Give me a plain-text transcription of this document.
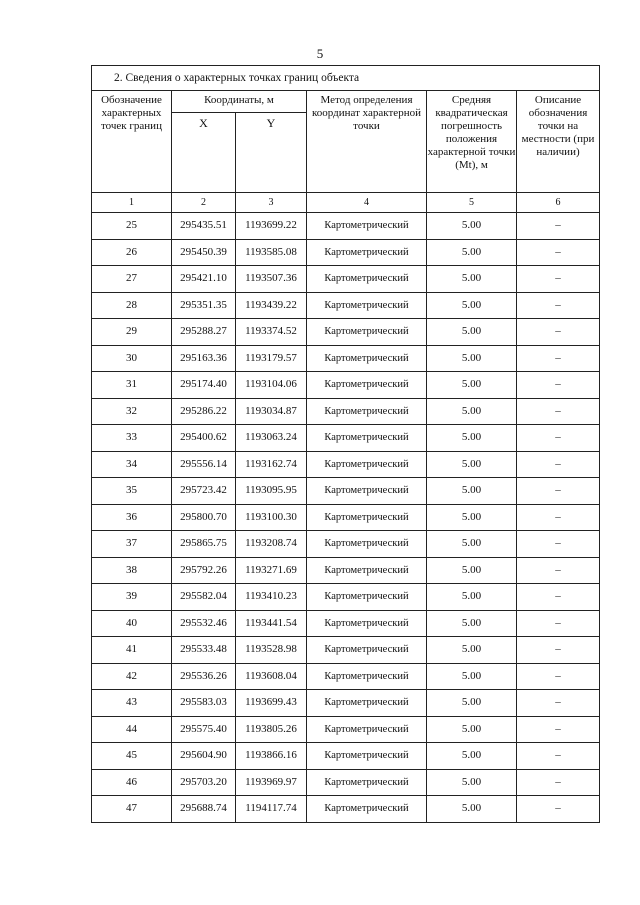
5
2. Сведения о характерных точках границ объекта					
Обозначение характерных точек границ	Координаты, м		Метод определения координат характерной точки	Средняя квадратическая погрешность положения характерной точки (Mt), м	Описание обозначения точки на местности (при наличии)
	X	Y			
1	2	3	4	5	6
25	295435.51	1193699.22	Картометрический	5.00	–
26	295450.39	1193585.08	Картометрический	5.00	–
27	295421.10	1193507.36	Картометрический	5.00	–
28	295351.35	1193439.22	Картометрический	5.00	–
29	295288.27	1193374.52	Картометрический	5.00	–
30	295163.36	1193179.57	Картометрический	5.00	–
31	295174.40	1193104.06	Картометрический	5.00	–
32	295286.22	1193034.87	Картометрический	5.00	–
33	295400.62	1193063.24	Картометрический	5.00	–
34	295556.14	1193162.74	Картометрический	5.00	–
35	295723.42	1193095.95	Картометрический	5.00	–
36	295800.70	1193100.30	Картометрический	5.00	–
37	295865.75	1193208.74	Картометрический	5.00	–
38	295792.26	1193271.69	Картометрический	5.00	–
39	295582.04	1193410.23	Картометрический	5.00	–
40	295532.46	1193441.54	Картометрический	5.00	–
41	295533.48	1193528.98	Картометрический	5.00	–
42	295536.26	1193608.04	Картометрический	5.00	–
43	295583.03	1193699.43	Картометрический	5.00	–
44	295575.40	1193805.26	Картометрический	5.00	–
45	295604.90	1193866.16	Картометрический	5.00	–
46	295703.20	1193969.97	Картометрический	5.00	–
47	295688.74	1194117.74	Картометрический	5.00	–
